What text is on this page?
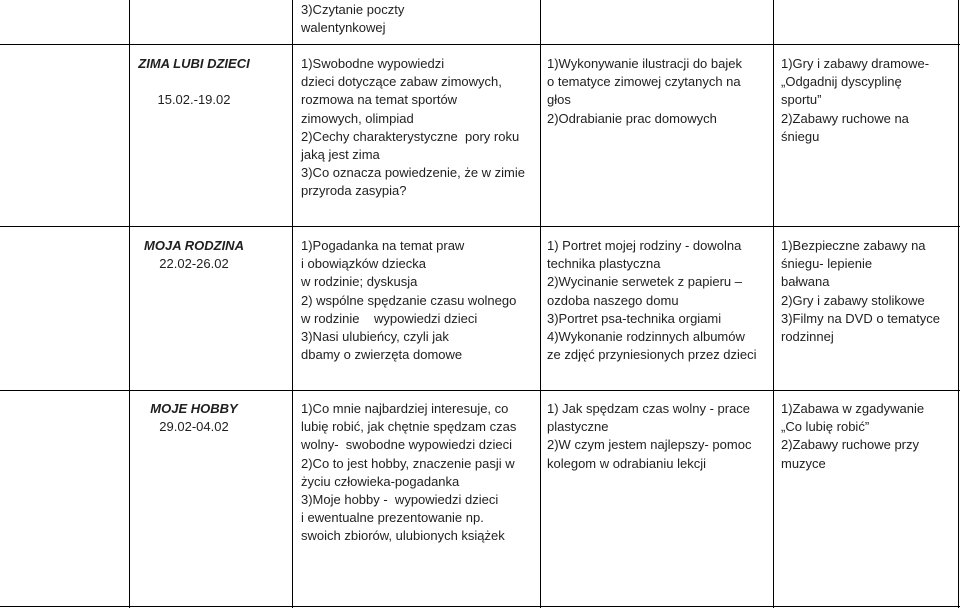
3)Czytanie poczty

walentynkowej

ZIMA LUBI DZIECI

15.02.-19.02

1)Swobodne wypowiedzi

dzieci dotyczące zabaw zimowych,

rozmowa na temat sportów

zimowych, olimpiad

2)Cechy charakterystyczne  pory roku

jaką jest zima

3)Co oznacza powiedzenie, że w zimie

przyroda zasypia?

1)Wykonywanie ilustracji do bajek

o tematyce zimowej czytanych na

głos

2)Odrabianie prac domowych

1)Gry i zabawy dramowe-

„Odgadnij dyscyplinę

sportu”

2)Zabawy ruchowe na

śniegu

MOJA RODZINA

22.02-26.02

1)Pogadanka na temat praw

i obowiązków dziecka

w rodzinie; dyskusja

2) wspólne spędzanie czasu wolnego

w rodzinie    wypowiedzi dzieci

3)Nasi ulubieńcy, czyli jak

dbamy o zwierzęta domowe

1) Portret mojej rodziny - dowolna

technika plastyczna

2)Wycinanie serwetek z papieru –

ozdoba naszego domu

3)Portret psa-technika orgiami

4)Wykonanie rodzinnych albumów

ze zdjęć przyniesionych przez dzieci

1)Bezpieczne zabawy na

śniegu- lepienie

bałwana

2)Gry i zabawy stolikowe

3)Filmy na DVD o tematyce

rodzinnej

MOJE HOBBY

29.02-04.02

1)Co mnie najbardziej interesuje, co

lubię robić, jak chętnie spędzam czas

wolny-  swobodne wypowiedzi dzieci

2)Co to jest hobby, znaczenie pasji w

życiu człowieka-pogadanka

3)Moje hobby -  wypowiedzi dzieci

i ewentualne prezentowanie np.

swoich zbiorów, ulubionych książek

1) Jak spędzam czas wolny - prace

plastyczne

2)W czym jestem najlepszy- pomoc

kolegom w odrabianiu lekcji

1)Zabawa w zgadywanie

„Co lubię robić”

2)Zabawy ruchowe przy

muzyce
